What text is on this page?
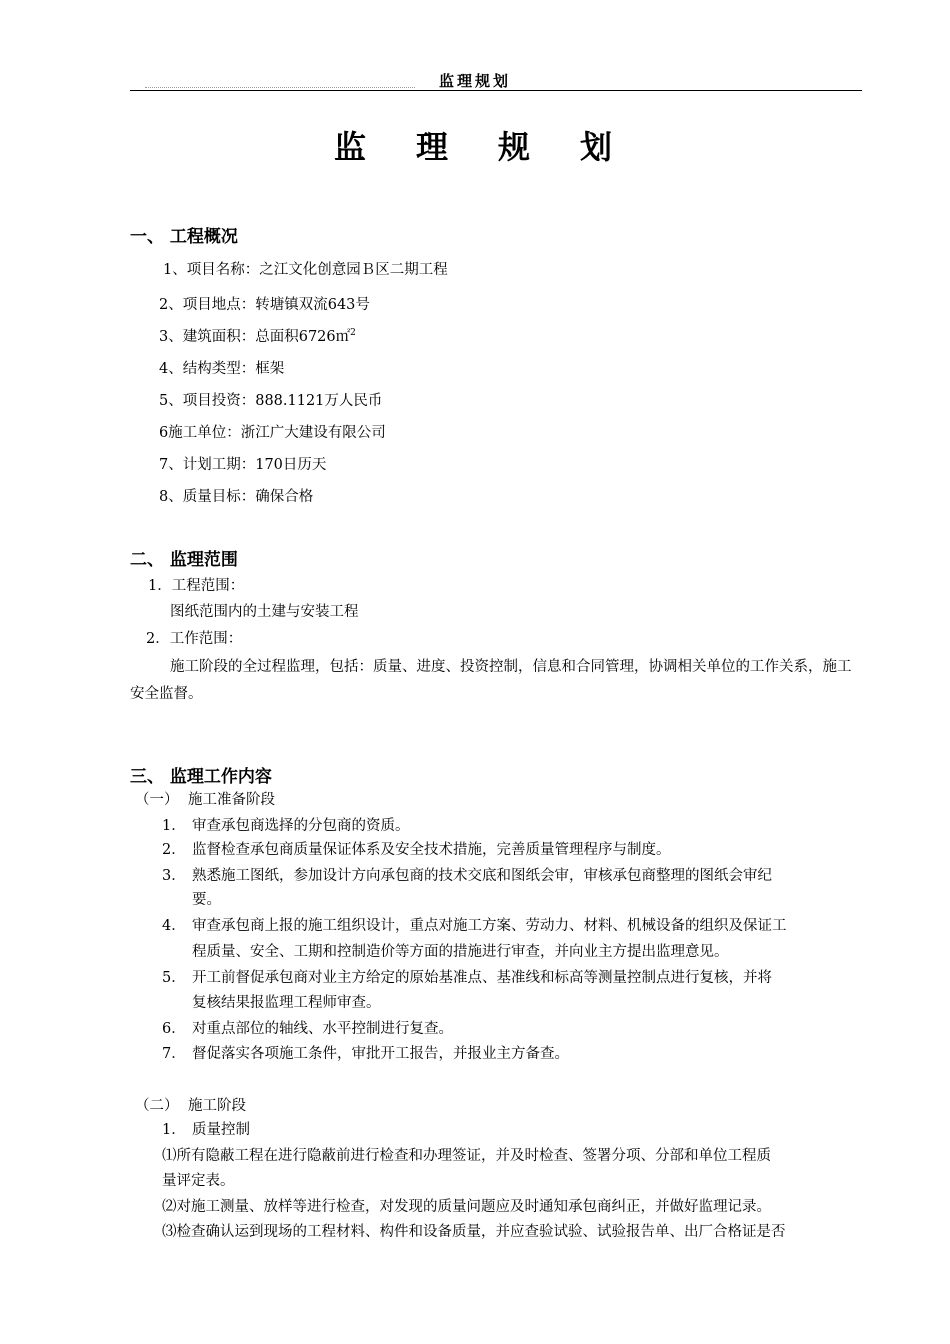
监理规划
监 理 规 划
一、 工程概况
1、项目名称：之江文化创意园Ｂ区二期工程
2、项目地点：转塘镇双流643号
3、建筑面积：总面积6726㎡$^2$
4、结构类型：框架
5、项目投资：888.1121万人民币
6施工单位：浙江广大建设有限公司
7、计划工期：170日历天
8、质量目标：确保合格
二、 监理范围
1．工程范围：
图纸范围内的土建与安装工程
2．工作范围：
施工阶段的全过程监理，包括：质量、进度、投资控制，信息和合同管理，协调相关单位的工作关系，施工安全监督。
三、 监理工作内容
（一） 施工准备阶段
1． 审查承包商选择的分包商的资质。
2． 监督检查承包商质量保证体系及安全技术措施，完善质量管理程序与制度。
3． 熟悉施工图纸，参加设计方向承包商的技术交底和图纸会审，审核承包商整理的图纸会审纪
要。
4． 审查承包商上报的施工组织设计，重点对施工方案、劳动力、材料、机械设备的组织及保证工
程质量、安全、工期和控制造价等方面的措施进行审查，并向业主方提出监理意见。
5． 开工前督促承包商对业主方给定的原始基准点、基准线和标高等测量控制点进行复核，并将
复核结果报监理工程师审查。
6． 对重点部位的轴线、水平控制进行复查。
7． 督促落实各项施工条件，审批开工报告，并报业主方备查。
（二） 施工阶段
1． 质量控制
⑴所有隐蔽工程在进行隐蔽前进行检查和办理签证，并及时检查、签署分项、分部和单位工程质
量评定表。
⑵对施工测量、放样等进行检查，对发现的质量问题应及时通知承包商纠正，并做好监理记录。
⑶检查确认运到现场的工程材料、构件和设备质量，并应查验试验、试验报告单、出厂合格证是否
